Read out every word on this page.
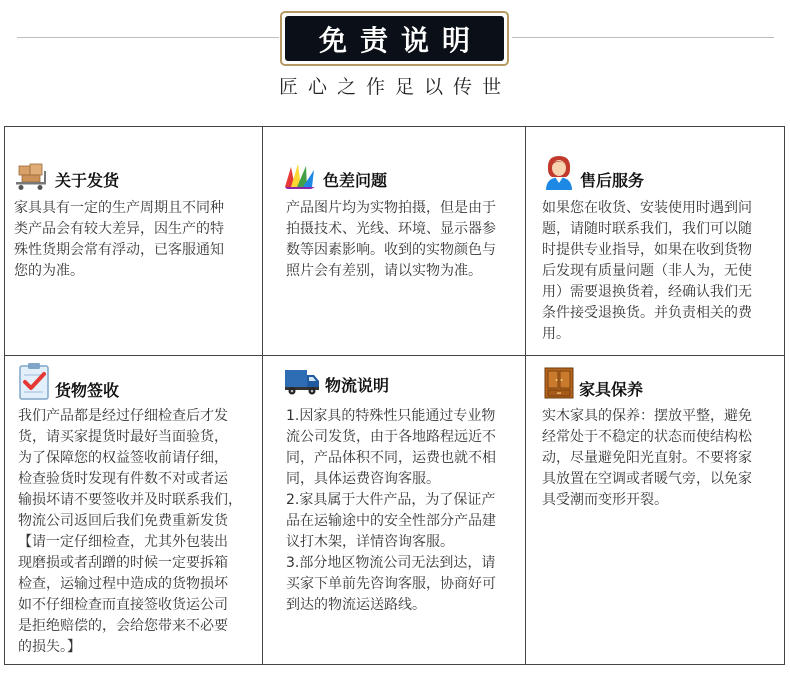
免责说明
匠心之作足以传世
关于发货
家具具有一定的生产周期且不同种
类产品会有较大差异，因生产的特
殊性货期会常有浮动，已客服通知
您的为准。
色差问题
产品图片均为实物拍摄，但是由于
拍摄技术、光线、环境、显示器参
数等因素影响。收到的实物颜色与
照片会有差别，请以实物为准。
售后服务
如果您在收货、安装使用时遇到问
题，请随时联系我们，我们可以随
时提供专业指导，如果在收到货物
后发现有质量问题（非人为，无使
用）需要退换货着，经确认我们无
条件接受退换货。并负责相关的费
用。
货物签收
我们产品都是经过仔细检查后才发
货，请买家提货时最好当面验货，
为了保障您的权益签收前请仔细，
检查验货时发现有件数不对或者运
输损坏请不要签收并及时联系我们，
物流公司返回后我们免费重新发货
【请一定仔细检查，尤其外包装出
现磨损或者刮蹭的时候一定要拆箱
检查，运输过程中造成的货物损坏
如不仔细检查而直接签收货运公司
是拒绝赔偿的，会给您带来不必要
的损失。】
物流说明
1.因家具的特殊性只能通过专业物
流公司发货，由于各地路程远近不
同，产品体积不同，运费也就不相
同，具体运费咨询客服。
2.家具属于大件产品，为了保证产
品在运输途中的安全性部分产品建
议打木架，详情咨询客服。
3.部分地区物流公司无法到达，请
买家下单前先咨询客服，协商好可
到达的物流运送路线。
家具保养
实木家具的保养：摆放平整，避免
经常处于不稳定的状态而使结构松
动，尽量避免阳光直射。不要将家
具放置在空调或者暖气旁，以免家
具受潮而变形开裂。
